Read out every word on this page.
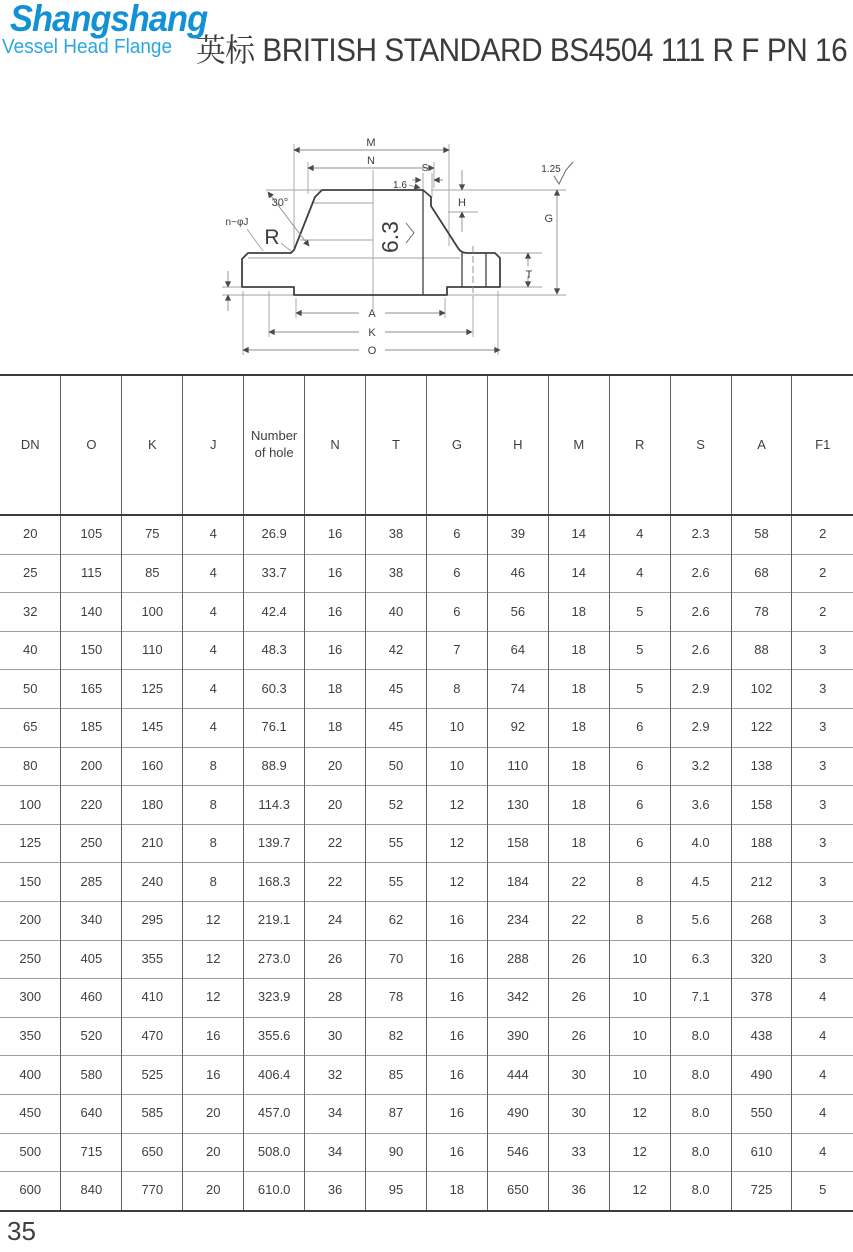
Shangshang
Vessel Head Flange 英标 BRITISH STANDARD BS4504 111 R F PN 16
30°
M
N
S
1.6
H
G
T
A
K
O
n~φJ
R	6.3
1.25
DN	O	K	J	Number of hole	N	T	G	H	M	R	S	A	F1
20	105	75	4	26.9	16	38	6	39	14	4	2.3	58	2
25	115	85	4	33.7	16	38	6	46	14	4	2.6	68	2
32	140	100	4	42.4	16	40	6	56	18	5	2.6	78	2
40	150	110	4	48.3	16	42	7	64	18	5	2.6	88	3
50	165	125	4	60.3	18	45	8	74	18	5	2.9	102	3
65	185	145	4	76.1	18	45	10	92	18	6	2.9	122	3
80	200	160	8	88.9	20	50	10	110	18	6	3.2	138	3
100	220	180	8	114.3	20	52	12	130	18	6	3.6	158	3
125	250	210	8	139.7	22	55	12	158	18	6	4.0	188	3
150	285	240	8	168.3	22	55	12	184	22	8	4.5	212	3
200	340	295	12	219.1	24	62	16	234	22	8	5.6	268	3
250	405	355	12	273.0	26	70	16	288	26	10	6.3	320	3
300	460	410	12	323.9	28	78	16	342	26	10	7.1	378	4
350	520	470	16	355.6	30	82	16	390	26	10	8.0	438	4
400	580	525	16	406.4	32	85	16	444	30	10	8.0	490	4
450	640	585	20	457.0	34	87	16	490	30	12	8.0	550	4
500	715	650	20	508.0	34	90	16	546	33	12	8.0	610	4
600	840	770	20	610.0	36	95	18	650	36	12	8.0	725	5
35
